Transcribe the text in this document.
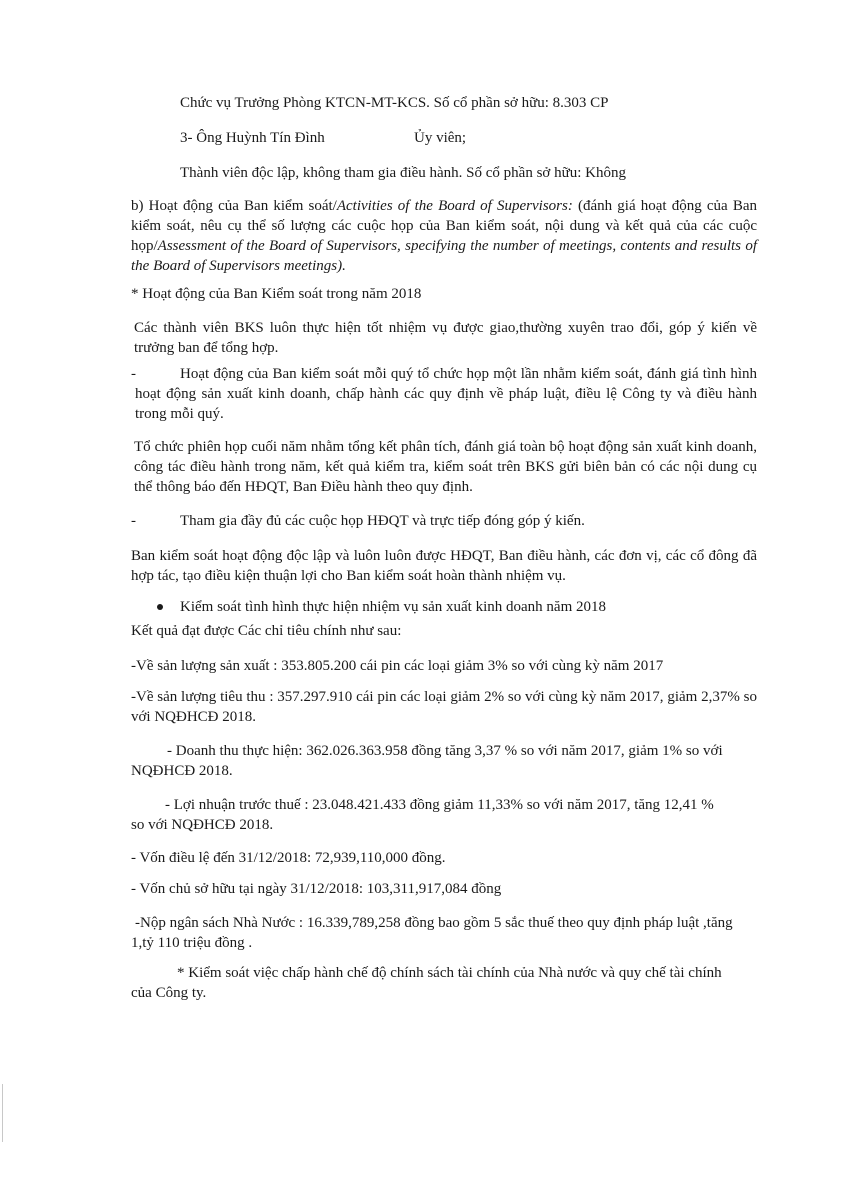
Chức vụ Trưởng Phòng KTCN-MT-KCS. Số cổ phần sở hữu: 8.303 CP

3- Ông Huỳnh Tín Đình	Ủy viên;

Thành viên độc lập, không tham gia điều hành. Số cổ phần sở hữu: Không

b) Hoạt động của Ban kiểm soát/Activities of the Board of Supervisors: (đánh giá hoạt động của Ban kiểm soát, nêu cụ thể số lượng các cuộc họp của Ban kiểm soát, nội dung và kết quả của các cuộc họp/Assessment of the Board of Supervisors, specifying the number of meetings, contents and results of the Board of Supervisors meetings).

* Hoạt động của Ban Kiểm soát trong năm 2018

Các thành viên BKS luôn thực hiện tốt nhiệm vụ được giao,thường xuyên trao đổi, góp ý kiến về trưởng ban để tổng hợp.

-	Hoạt động của Ban kiểm soát mỗi quý tổ chức họp một lần nhằm kiểm soát, đánh giá tình hình hoạt động sản xuất kinh doanh, chấp hành các quy định về pháp luật, điều lệ Công ty và điều hành trong mỗi quý.

Tổ chức phiên họp cuối năm nhằm tổng kết phân tích, đánh giá toàn bộ hoạt động sản xuất kinh doanh, công tác điều hành trong năm, kết quả kiểm tra, kiểm soát trên BKS gửi biên bản có các nội dung cụ thể thông báo đến HĐQT, Ban Điều hành theo quy định.

-	Tham gia đầy đủ các cuộc họp HĐQT và trực tiếp đóng góp ý kiến.

Ban kiểm soát hoạt động độc lập và luôn luôn được HĐQT, Ban điều hành, các đơn vị, các cổ đông đã hợp tác, tạo điều kiện thuận lợi cho Ban kiểm soát hoàn thành nhiệm vụ.

Kiểm soát tình hình thực hiện nhiệm vụ sản xuất kinh doanh năm 2018

Kết quả đạt được Các chỉ tiêu chính như sau:

-Về sản lượng sản xuất : 353.805.200 cái pin các loại giảm 3% so với cùng kỳ năm 2017

-Về sản lượng tiêu thu : 357.297.910 cái pin các loại giảm 2% so với cùng kỳ năm 2017, giảm 2,37% so với NQĐHCĐ 2018.

- Doanh thu thực hiện: 362.026.363.958 đồng tăng 3,37 % so với năm 2017, giảm 1% so với

NQĐHCĐ 2018.

- Lợi nhuận trước thuế : 23.048.421.433 đồng giảm 11,33% so với năm 2017, tăng 12,41 %

so với NQĐHCĐ 2018.

- Vốn điều lệ đến 31/12/2018: 72,939,110,000 đồng.

- Vốn chủ sở hữu tại ngày 31/12/2018: 103,311,917,084 đồng

-Nộp ngân sách Nhà Nước : 16.339,789,258 đồng bao gồm 5 sắc thuế theo quy định pháp luật ,tăng

1,tỷ 110 triệu đồng .

* Kiểm soát việc chấp hành chế độ chính sách tài chính của Nhà nước và quy chế tài chính

của Công ty.
